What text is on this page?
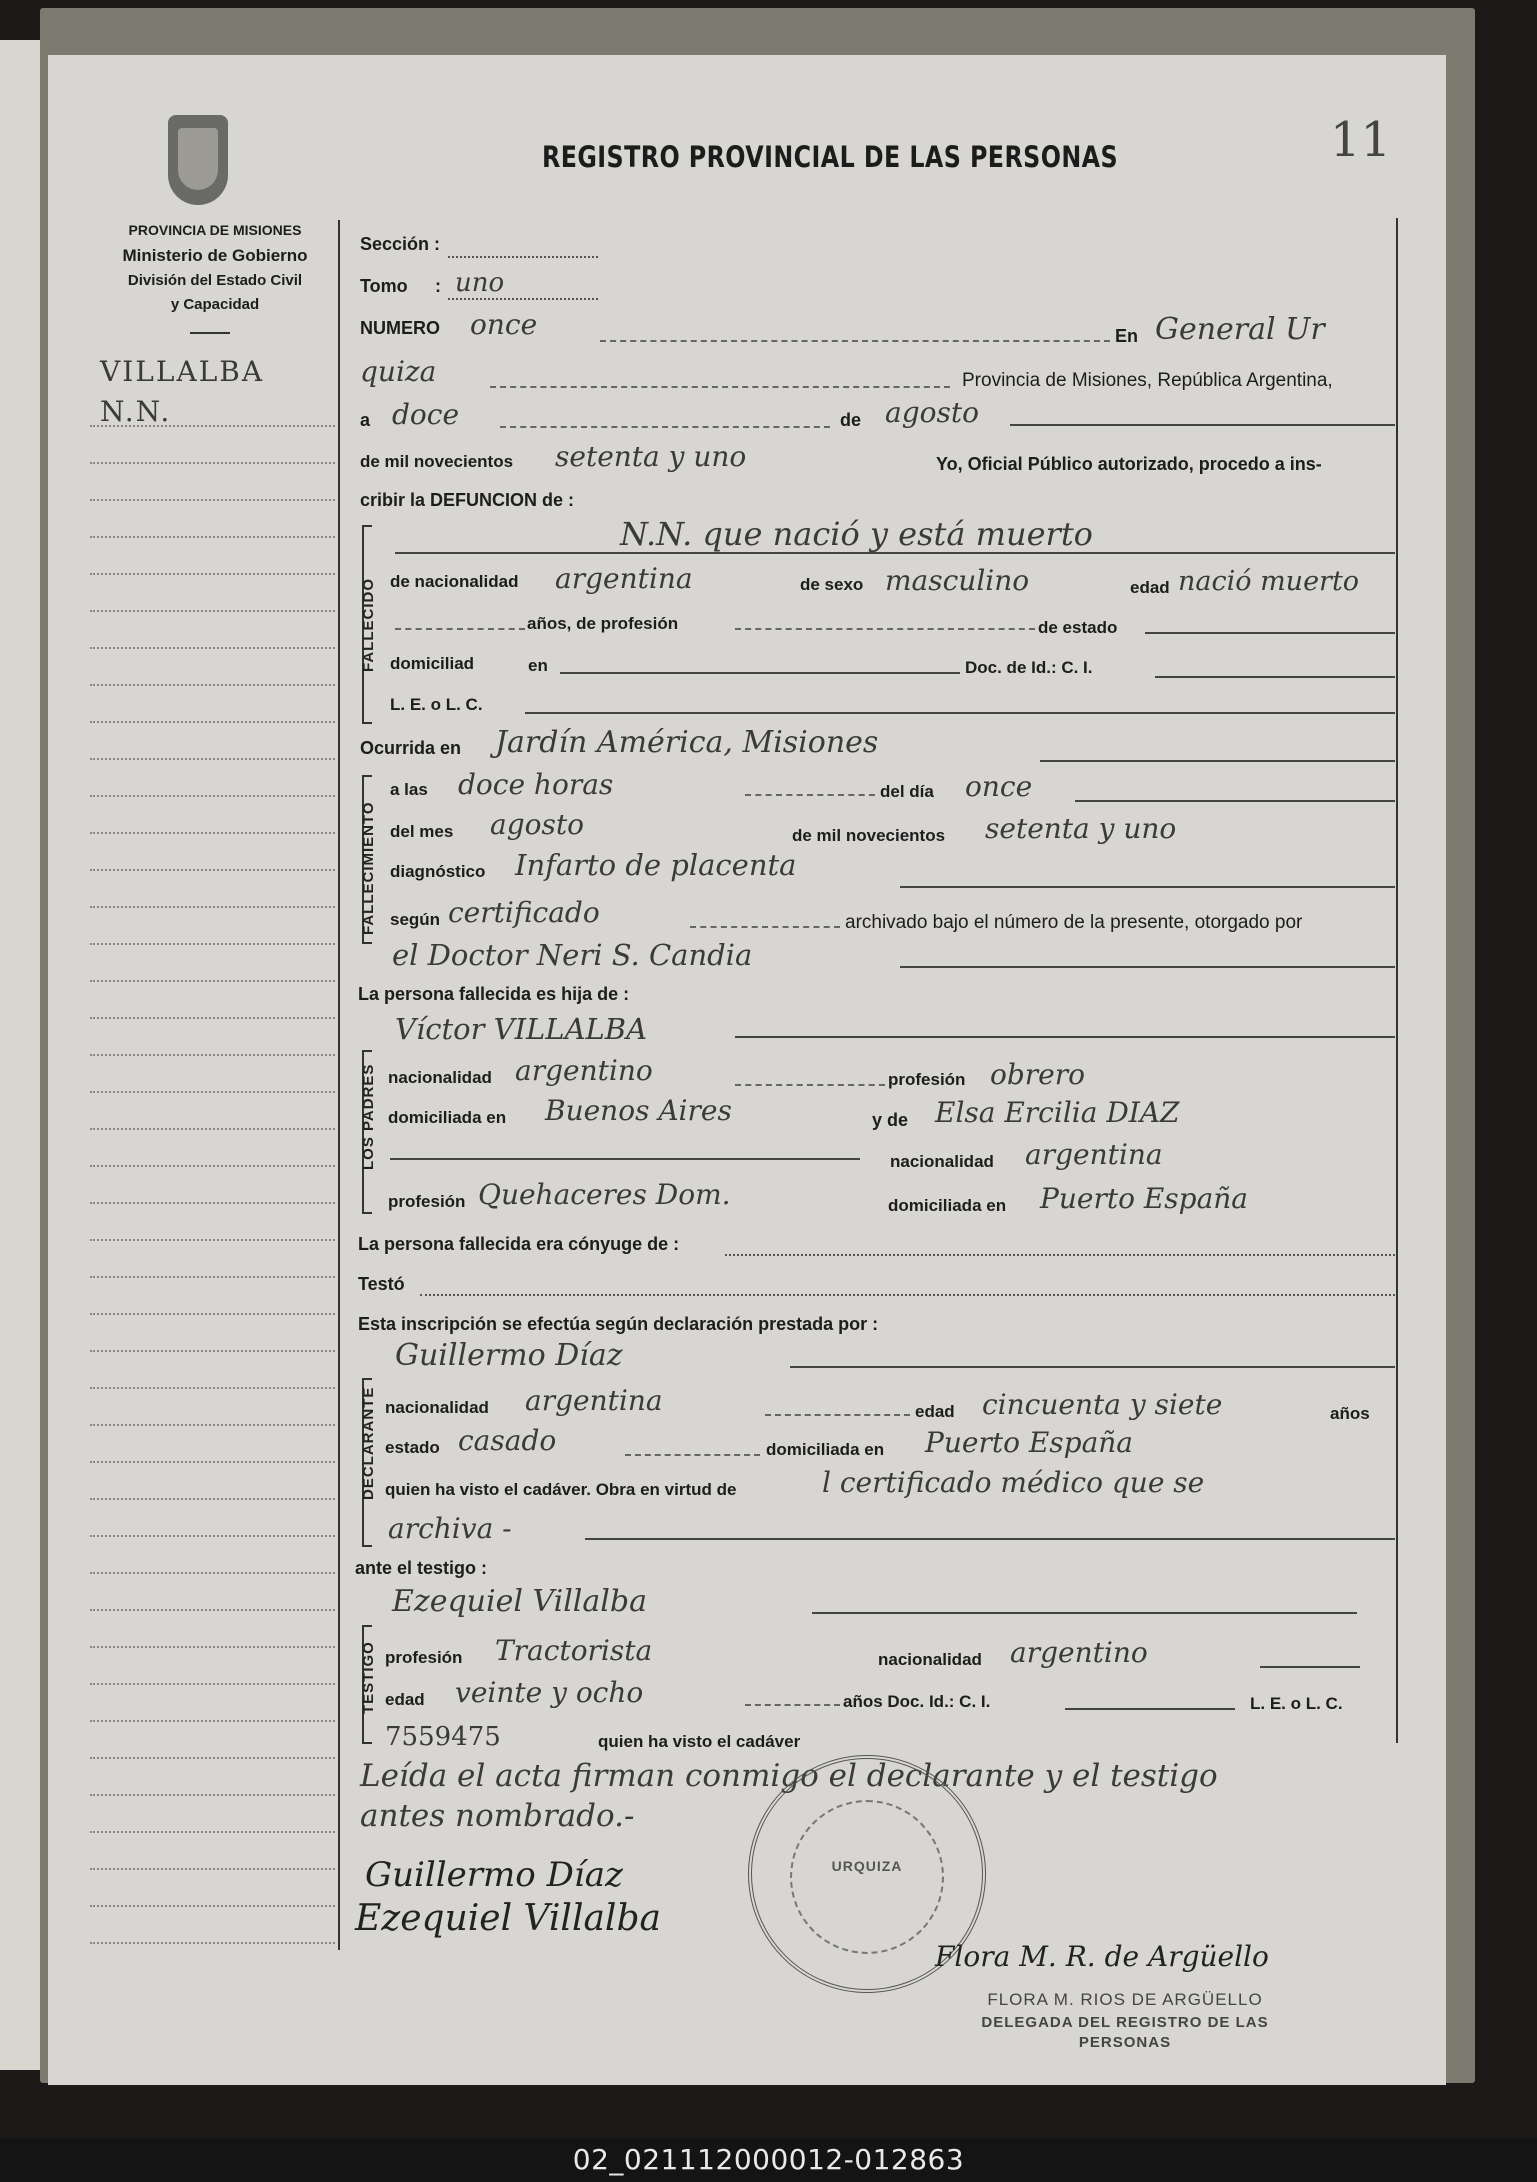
PROVINCIA DE MISIONES
Ministerio de Gobierno
División del Estado Civil
y Capacidad
REGISTRO PROVINCIAL DE LAS PERSONAS	11
VILLALBA
N.N.
Sección :
Tomo : uno
NUMERO once	En General Ur
quiza	Provincia de Misiones, República Argentina,
a doce	de agosto
de mil novecientos setenta y uno	Yo, Oficial Público autorizado, procedo a ins-
cribir la DEFUNCION de :
FALLECIDO
N.N. que nació y está muerto
de nacionalidad argentina	de sexo masculino	edad nació muerto
años, de profesión	de estado
domiciliad	en	Doc. de Id.: C. I.
L. E. o L. C.
Ocurrida en Jardín América, Misiones
FALLECIMIENTO
a las doce horas	del día once
del mes agosto	de mil novecientos setenta y uno
diagnóstico Infarto de placenta
según certificado	archivado bajo el número de la presente, otorgado por
el Doctor Neri S. Candia
La persona fallecida es hija de :
Víctor VILLALBA
LOS PADRES nacionalidad argentino	profesión obrero
domiciliada en Buenos Aires	y de Elsa Ercilia DIAZ
nacionalidad argentina
profesión Quehaceres Dom.	domiciliada en Puerto España
La persona fallecida era cónyuge de :
Testó
Esta inscripción se efectúa según declaración prestada por :
Guillermo Díaz
DECLARANTE nacionalidad argentina	edad cincuenta y siete	años
estado casado	domiciliada en Puerto España
quien ha visto el cadáver. Obra en virtud de	l certificado médico que se
archiva -
ante el testigo :
Ezequiel Villalba
TESTIGO profesión Tractorista	nacionalidad argentino
edad veinte y ocho	años Doc. Id.: C. I.	L. E. o L. C.
7559475	quien ha visto el cadáver
Leída el acta firman conmigo el declarante y el testigo
antes nombrado.-
URQUIZA
Guillermo Díaz
Ezequiel Villalba
Flora M. R. de Argüello
FLORA M. RIOS DE ARGÜELLO
DELEGADA DEL REGISTRO DE LAS
PERSONAS
02_021112000012-012863
